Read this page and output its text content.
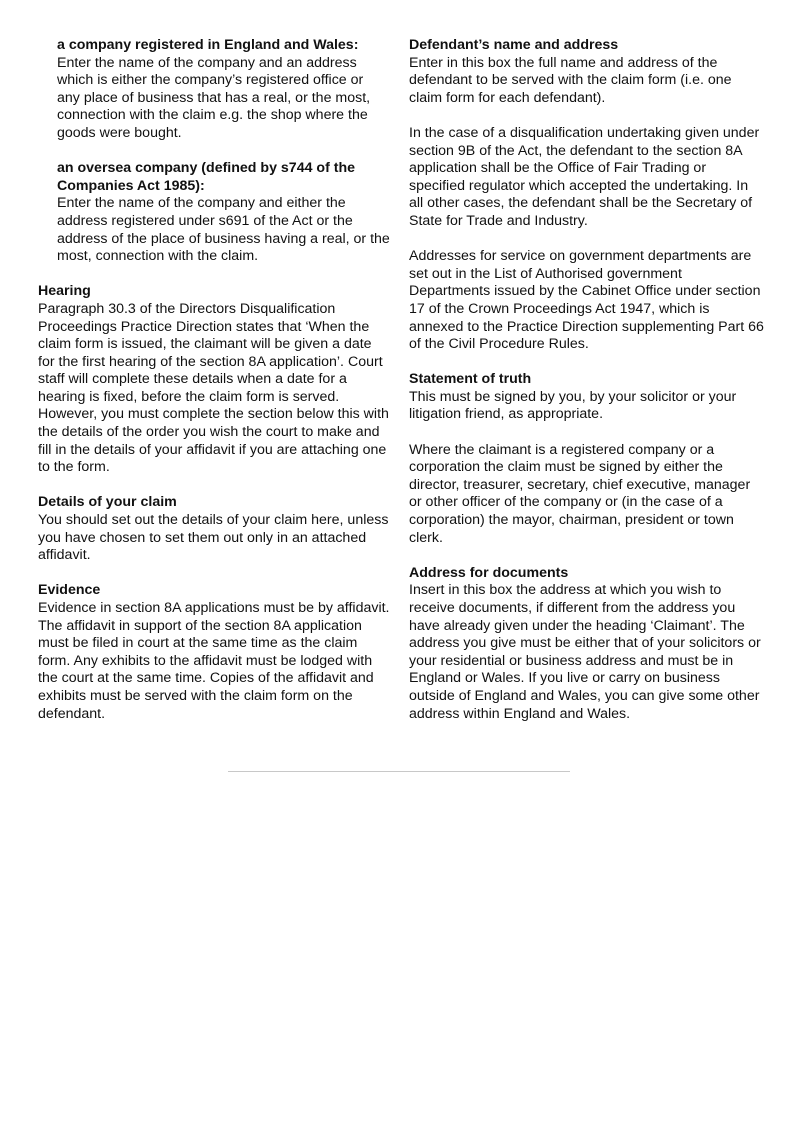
a company registered in England and Wales:

Enter the name of the company and an address which is either the company’s registered office or any place of business that has a real, or the most, connection with the claim e.g. the shop where the goods were bought.

an oversea company (defined by s744 of the Companies Act 1985):

Enter the name of the company and either the address registered under s691 of the Act or the address of the place of business having a real, or the most, connection with the claim.

Hearing

Paragraph 30.3 of the Directors Disqualification Proceedings Practice Direction states that ‘When the claim form is issued, the claimant will be given a date for the first hearing of the section 8A application’. Court staff will complete these details when a date for a hearing is fixed, before the claim form is served. However, you must complete the section below this with the details of the order you wish the court to make and fill in the details of your affidavit if you are attaching one to the form.

Details of your claim

You should set out the details of your claim here, unless you have chosen to set them out only in an attached affidavit.

Evidence

Evidence in section 8A applications must be by affidavit. The affidavit in support of the section 8A application must be filed in court at the same time as the claim form. Any exhibits to the affidavit must be lodged with the court at the same time. Copies of the affidavit and exhibits must be served with the claim form on the defendant.

Defendant’s name and address

Enter in this box the full name and address of the defendant to be served with the claim form (i.e. one claim form for each defendant).

In the case of a disqualification undertaking given under section 9B of the Act, the defendant to the section 8A application shall be the Office of Fair Trading or specified regulator which accepted the undertaking. In all other cases, the defendant shall be the Secretary of State for Trade and Industry.

Addresses for service on government departments are set out in the List of Authorised government Departments issued by the Cabinet Office under section 17 of the Crown Proceedings Act 1947, which is annexed to the Practice Direction supplementing Part 66 of the Civil Procedure Rules.

Statement of truth

This must be signed by you, by your solicitor or your litigation friend, as appropriate.

Where the claimant is a registered company or a corporation the claim must be signed by either the director, treasurer, secretary, chief executive, manager or other officer of the company or (in the case of a corporation) the mayor, chairman, president or town clerk.

Address for documents

Insert in this box the address at which you wish to receive documents, if different from the address you have already given under the heading ‘Claimant’. The address you give must be either that of your solicitors or your residential or business address and must be in England or Wales. If you live or carry on business outside of England and Wales, you can give some other address within England and Wales.
